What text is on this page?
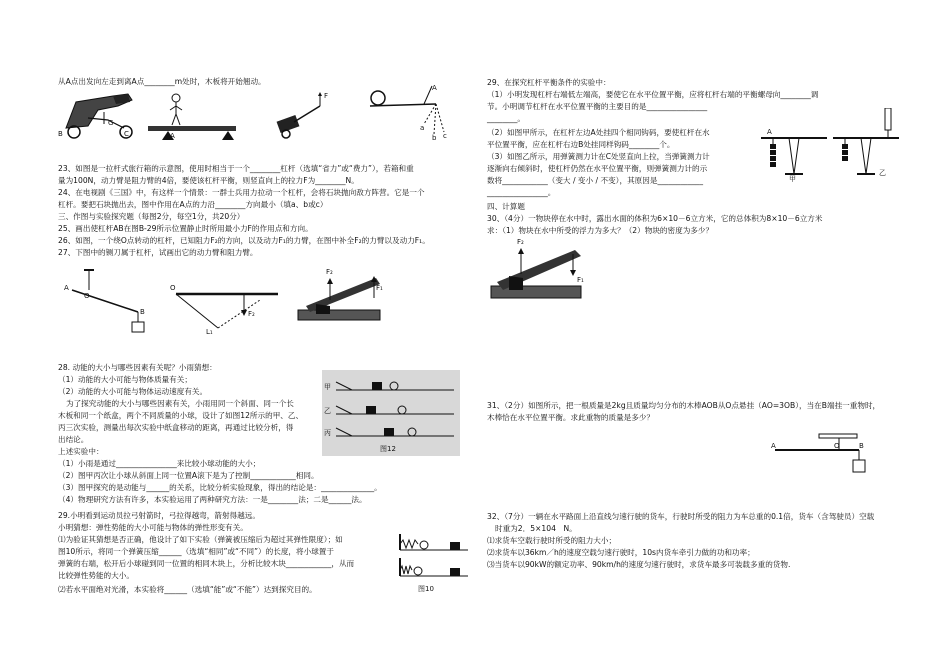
从A点出发向左走到离A点________m处时，木板将开始翘动。
B	C
G
A
F
A
a
b c
23、如图是一拉杆式旅行箱的示意图，使用时相当于一个________杠杆（选填“省力”或“费力”），若箱和重
量为100N，动力臂是阻力臂的4倍，要使该杠杆平衡，则竖直向上的拉力F为________N。
24、在电视剧《三国》中，有这样一个情景：一群士兵用力拉动一个杠杆，会将石块抛向敌方阵营。它是一个
杠杆。要把石块抛出去，图中作用在A点的力沿________方向最小（填a、b或c）
三、作图与实验探究题（每图2分，每空1分，共20分）
25、画出使杠杆AB在图B-29所示位置静止时所用最小力F的作用点和方向。
26、如图，一个绕O点转动的杠杆，已知阻力F₂的方向，以及动力F₁的力臂，在图中补全F₂的力臂以及动力F₁。
27、下图中的铡刀属于杠杆，试画出它的动力臂和阻力臂。
A
B
O
O
L₁
F₂
F₂
F₁
28. 动能的大小与哪些因素有关呢？小雨猜想：
（1）动能的大小可能与物体质量有关；
（2）动能的大小可能与物体运动速度有关。
为了探究动能的大小与哪些因素有关，小雨用同一个斜面、同一个长
木板和同一个纸盒，两个不同质量的小球，设计了如图12所示的甲、乙、
丙三次实验，测量出每次实验中纸盒移动的距离，再通过比较分析，得
出结论。
上述实验中：
（1）小雨是通过________________来比较小球动能的大小；
（2）图甲丙次让小球从斜面上同一位置A滚下是为了控制____________相同。
（3）图甲探究的是动能与______的关系，比较分析实验现象，得出的结论是：______________。
（4）物理研究方法有许多，本实验运用了两种研究方法：一是________法；二是______法。
甲
乙
丙
图12
29.小明看到运动员拉弓射箭时，弓拉得越弯，箭射得越远。
小明猜想：弹性势能的大小可能与物体的弹性形变有关。
⑴为验证其猜想是否正确，他设计了如下实验（弹簧被压缩后为超过其弹性限度）；如
图10所示，将同一个弹簧压缩______（选填“相同”或“不同”）的长度，将小球置于
弹簧的右端，松开后小球碰到同一位置的相同木块上，分析比较木块____________，从而
比较弹性势能的大小。
⑵若水平面绝对光滑，本实验将______（选填“能”或“不能”）达到探究目的。	图10
29、在探究杠杆平衡条件的实验中：
（1）小明发现杠杆右端低左端高，要使它在水平位置平衡，应将杠杆右端的平衡螺母向________调
节。小明调节杠杆在水平位置平衡的主要目的是________________
________。
（2）如图甲所示，在杠杆左边A处挂四个相同钩码，要使杠杆在水
平位置平衡，应在杠杆右边B处挂同样钩码________个。
（3）如图乙所示，用弹簧测力计在C处竖直向上拉，当弹簧测力计
逐渐向右倾斜时，使杠杆仍然在水平位置平衡，则弹簧测力计的示
数将____________（变大 / 变小 / 不变），其原因是____________
________________。
A
甲
乙
四、计算题
30、（4分）一物块停在水中时，露出水面的体积为6×10－6立方米，它的总体积为8×10－6立方米
求：（1）物块在水中所受的浮力为多大？（2）物块的密度为多少？
F₂
F₁
31、（2分）如图所示，把一根质量是2kg且质量均匀分布的木棒AOB从O点悬挂（AO=3OB），当在B端挂一重物时，
木棒恰在水平位置平衡。求此重物的质量是多少？
A	O	B
32、（7分）一辆在水平路面上沿直线匀速行驶的货车，行驶时所受的阻力为车总重的0.1倍，货车（含驾驶员）空载
时重为2．5×104　N。
⑴求货车空载行驶时所受的阻力大小；
⑵求货车以36km／h的速度空载匀速行驶时，10s内货车牵引力做的功和功率；
⑶当货车以90kW的额定功率、90km/h的速度匀速行驶时，求货车最多可装载多重的货物.
